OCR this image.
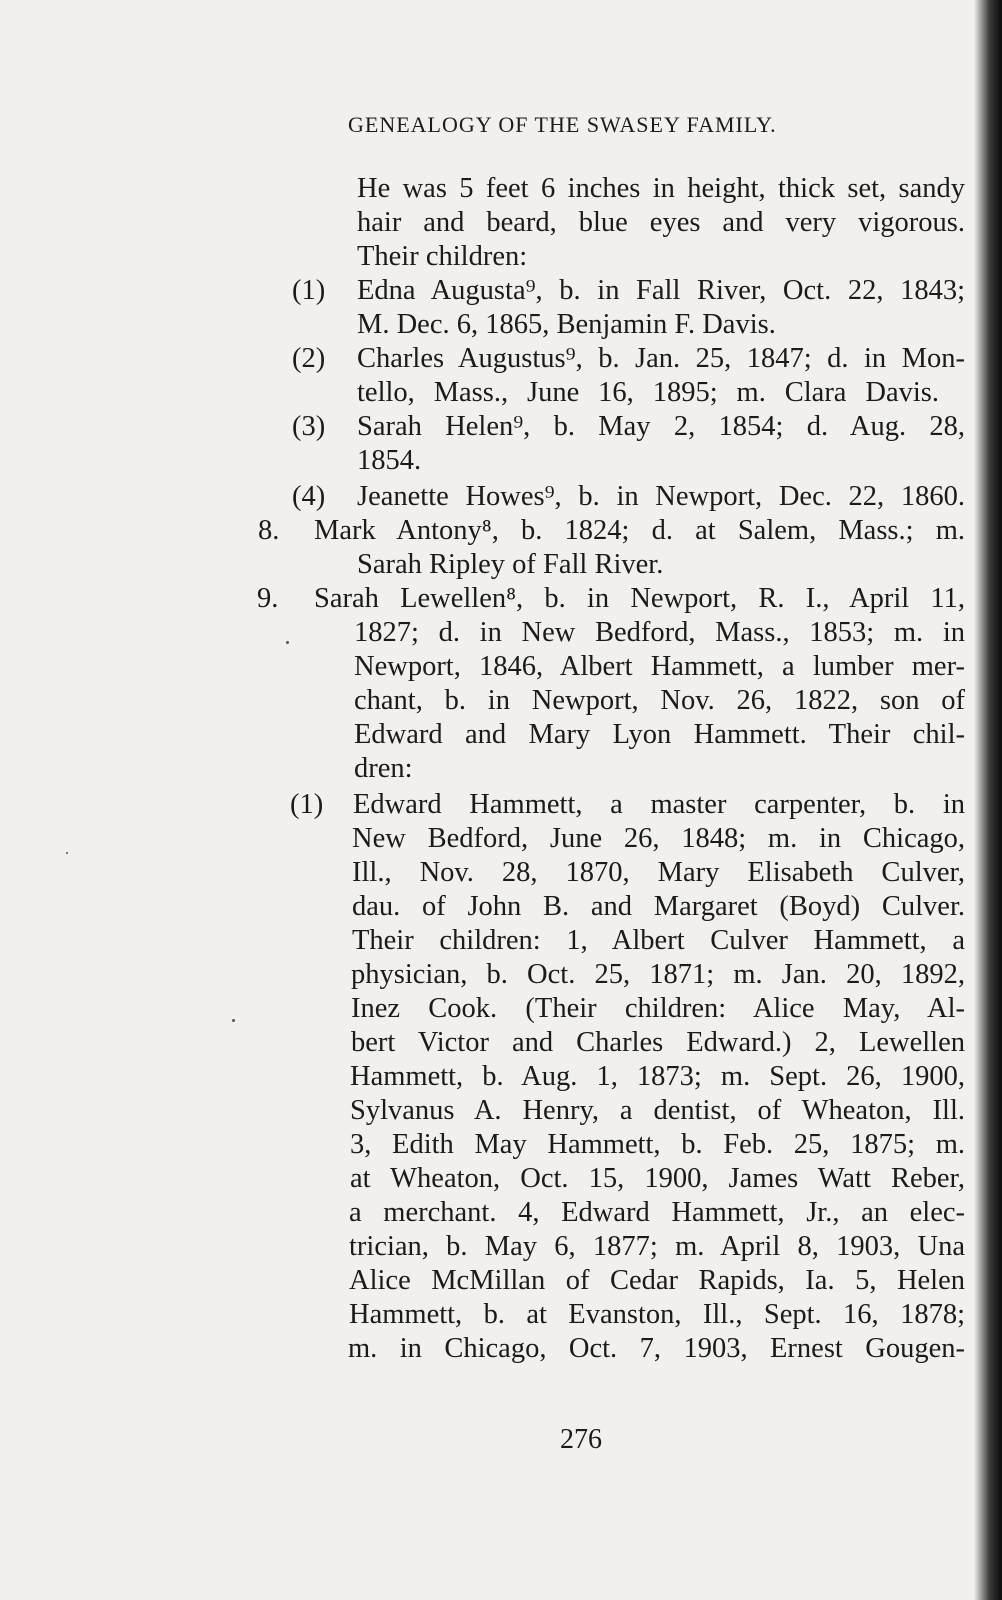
GENEALOGY OF THE SWASEY FAMILY.
He was 5 feet 6 inches in height, thick set, sandy
hair and beard, blue eyes and very vigorous.
Their children:
(1) Edna Augusta⁹, b. in Fall River, Oct. 22, 1843;
M. Dec. 6, 1865, Benjamin F. Davis.
(2) Charles Augustus⁹, b. Jan. 25, 1847; d. in Mon-
tello, Mass., June 16, 1895; m. Clara Davis.
(3) Sarah Helen⁹, b. May 2, 1854; d. Aug. 28,
1854.
(4) Jeanette Howes⁹, b. in Newport, Dec. 22, 1860.
8. Mark Antony⁸, b. 1824; d. at Salem, Mass.; m.
Sarah Ripley of Fall River.
9. Sarah Lewellen⁸, b. in Newport, R. I., April 11,
1827; d. in New Bedford, Mass., 1853; m. in
Newport, 1846, Albert Hammett, a lumber mer-
chant, b. in Newport, Nov. 26, 1822, son of
Edward and Mary Lyon Hammett. Their chil-
dren:
(1) Edward Hammett, a master carpenter, b. in
New Bedford, June 26, 1848; m. in Chicago,
Ill., Nov. 28, 1870, Mary Elisabeth Culver,
dau. of John B. and Margaret (Boyd) Culver.
Their children: 1, Albert Culver Hammett, a
physician, b. Oct. 25, 1871; m. Jan. 20, 1892,
Inez Cook. (Their children: Alice May, Al-
bert Victor and Charles Edward.) 2, Lewellen
Hammett, b. Aug. 1, 1873; m. Sept. 26, 1900,
Sylvanus A. Henry, a dentist, of Wheaton, Ill.
3, Edith May Hammett, b. Feb. 25, 1875; m.
at Wheaton, Oct. 15, 1900, James Watt Reber,
a merchant. 4, Edward Hammett, Jr., an elec-
trician, b. May 6, 1877; m. April 8, 1903, Una
Alice McMillan of Cedar Rapids, Ia. 5, Helen
Hammett, b. at Evanston, Ill., Sept. 16, 1878;
m. in Chicago, Oct. 7, 1903, Ernest Gougen-
276
